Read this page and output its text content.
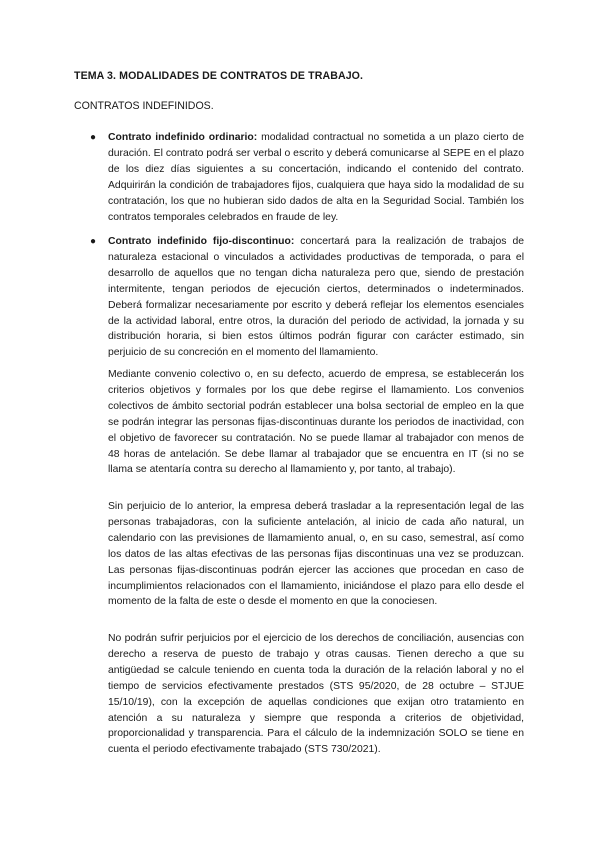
TEMA 3. MODALIDADES DE CONTRATOS DE TRABAJO.

CONTRATOS INDEFINIDOS.

● Contrato indefinido ordinario: modalidad contractual no sometida a un plazo cierto de duración. El contrato podrá ser verbal o escrito y deberá comunicarse al SEPE en el plazo de los diez días siguientes a su concertación, indicando el contenido del contrato. Adquirirán la condición de trabajadores fijos, cualquiera que haya sido la modalidad de su contratación, los que no hubieran sido dados de alta en la Seguridad Social. También los contratos temporales celebrados en fraude de ley.

● Contrato indefinido fijo-discontinuo: concertará para la realización de trabajos de naturaleza estacional o vinculados a actividades productivas de temporada, o para el desarrollo de aquellos que no tengan dicha naturaleza pero que, siendo de prestación intermitente, tengan periodos de ejecución ciertos, determinados o indeterminados. Deberá formalizar necesariamente por escrito y deberá reflejar los elementos esenciales de la actividad laboral, entre otros, la duración del periodo de actividad, la jornada y su distribución horaria, si bien estos últimos podrán figurar con carácter estimado, sin perjuicio de su concreción en el momento del llamamiento.

Mediante convenio colectivo o, en su defecto, acuerdo de empresa, se establecerán los criterios objetivos y formales por los que debe regirse el llamamiento. Los convenios colectivos de ámbito sectorial podrán establecer una bolsa sectorial de empleo en la que se podrán integrar las personas fijas-discontinuas durante los periodos de inactividad, con el objetivo de favorecer su contratación. No se puede llamar al trabajador con menos de 48 horas de antelación. Se debe llamar al trabajador que se encuentra en IT (si no se llama se atentaría contra su derecho al llamamiento y, por tanto, al trabajo).

Sin perjuicio de lo anterior, la empresa deberá trasladar a la representación legal de las personas trabajadoras, con la suficiente antelación, al inicio de cada año natural, un calendario con las previsiones de llamamiento anual, o, en su caso, semestral, así como los datos de las altas efectivas de las personas fijas discontinuas una vez se produzcan. Las personas fijas-discontinuas podrán ejercer las acciones que procedan en caso de incumplimientos relacionados con el llamamiento, iniciándose el plazo para ello desde el momento de la falta de este o desde el momento en que la conociesen.

No podrán sufrir perjuicios por el ejercicio de los derechos de conciliación, ausencias con derecho a reserva de puesto de trabajo y otras causas. Tienen derecho a que su antigüedad se calcule teniendo en cuenta toda la duración de la relación laboral y no el tiempo de servicios efectivamente prestados (STS 95/2020, de 28 octubre – STJUE 15/10/19), con la excepción de aquellas condiciones que exijan otro tratamiento en atención a su naturaleza y siempre que responda a criterios de objetividad, proporcionalidad y transparencia. Para el cálculo de la indemnización SOLO se tiene en cuenta el periodo efectivamente trabajado (STS 730/2021).
